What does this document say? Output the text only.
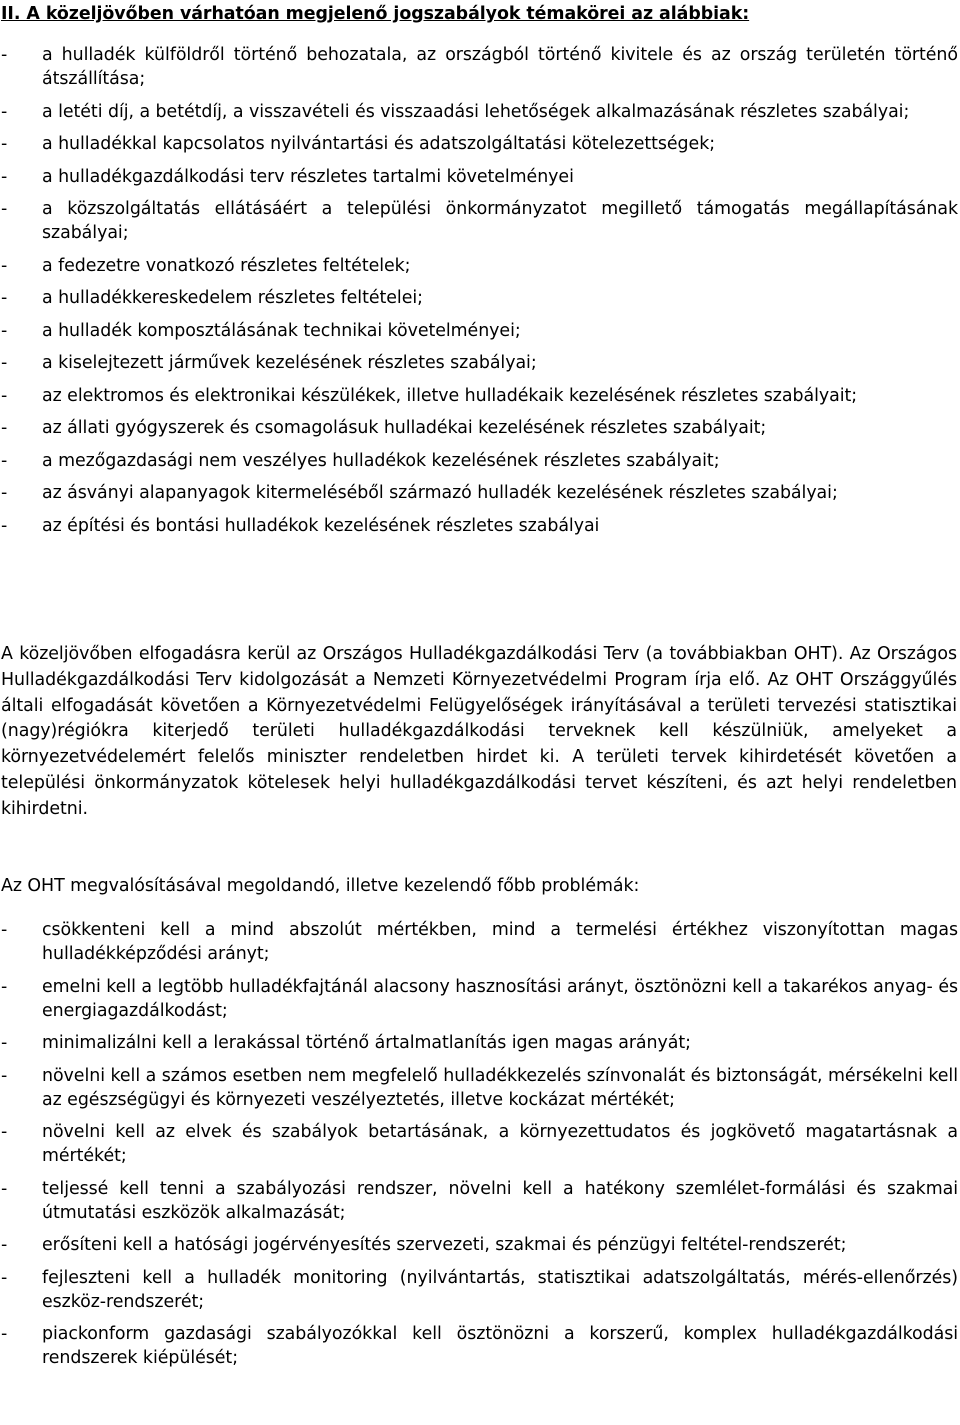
II. A közeljövőben várhatóan megjelenő jogszabályok témakörei az alábbiak:
- a hulladék külföldről történő behozatala, az országból történő kivitele és az ország területén történő átszállítása;
- a letéti díj, a betétdíj, a visszavételi és visszaadási lehetőségek alkalmazásának részletes szabályai;
- a hulladékkal kapcsolatos nyilvántartási és adatszolgáltatási kötelezettségek;
- a hulladékgazdálkodási terv részletes tartalmi követelményei
- a közszolgáltatás ellátásáért a települési önkormányzatot megillető támogatás megállapításának szabályai;
- a fedezetre vonatkozó részletes feltételek;
- a hulladékkereskedelem részletes feltételei;
- a hulladék komposztálásának technikai követelményei;
- a kiselejtezett járművek kezelésének részletes szabályai;
- az elektromos és elektronikai készülékek, illetve hulladékaik kezelésének részletes szabályait;
- az állati gyógyszerek és csomagolásuk hulladékai kezelésének részletes szabályait;
- a mezőgazdasági nem veszélyes hulladékok kezelésének részletes szabályait;
- az ásványi alapanyagok kitermeléséből származó hulladék kezelésének részletes szabályai;
- az építési és bontási hulladékok kezelésének részletes szabályai

A közeljövőben elfogadásra kerül az Országos Hulladékgazdálkodási Terv (a továbbiakban OHT). Az Országos Hulladékgazdálkodási Terv kidolgozását a Nemzeti Környezetvédelmi Program írja elő. Az OHT Országgyűlés általi elfogadását követően a Környezetvédelmi Felügyelőségek irányításával a területi tervezési statisztikai (nagy)régiókra kiterjedő területi hulladékgazdálkodási terveknek kell készülniük, amelyeket a környezetvédelemért felelős miniszter rendeletben hirdet ki. A területi tervek kihirdetését követően a települési önkormányzatok kötelesek helyi hulladékgazdálkodási tervet készíteni, és azt helyi rendeletben kihirdetni.

Az OHT megvalósításával megoldandó, illetve kezelendő főbb problémák:

- csökkenteni kell a mind abszolút mértékben, mind a termelési értékhez viszonyítottan magas hulladékképződési arányt;
- emelni kell a legtöbb hulladékfajtánál alacsony hasznosítási arányt, ösztönözni kell a takarékos anyag- és energiagazdálkodást;
- minimalizálni kell a lerakással történő ártalmatlanítás igen magas arányát;
- növelni kell a számos esetben nem megfelelő hulladékkezelés színvonalát és biztonságát, mérsékelni kell az egészségügyi és környezeti veszélyeztetés, illetve kockázat mértékét;
- növelni kell az elvek és szabályok betartásának, a környezettudatos és jogkövető magatartásnak a mértékét;
- teljessé kell tenni a szabályozási rendszer, növelni kell a hatékony szemlélet-formálási és szakmai útmutatási eszközök alkalmazását;
- erősíteni kell a hatósági jogérvényesítés szervezeti, szakmai és pénzügyi feltétel-rendszerét;
- fejleszteni kell a hulladék monitoring (nyilvántartás, statisztikai adatszolgáltatás, mérés-ellenőrzés) eszköz-rendszerét;
- piackonform gazdasági szabályozókkal kell ösztönözni a korszerű, komplex hulladékgazdálkodási rendszerek kiépülését;
